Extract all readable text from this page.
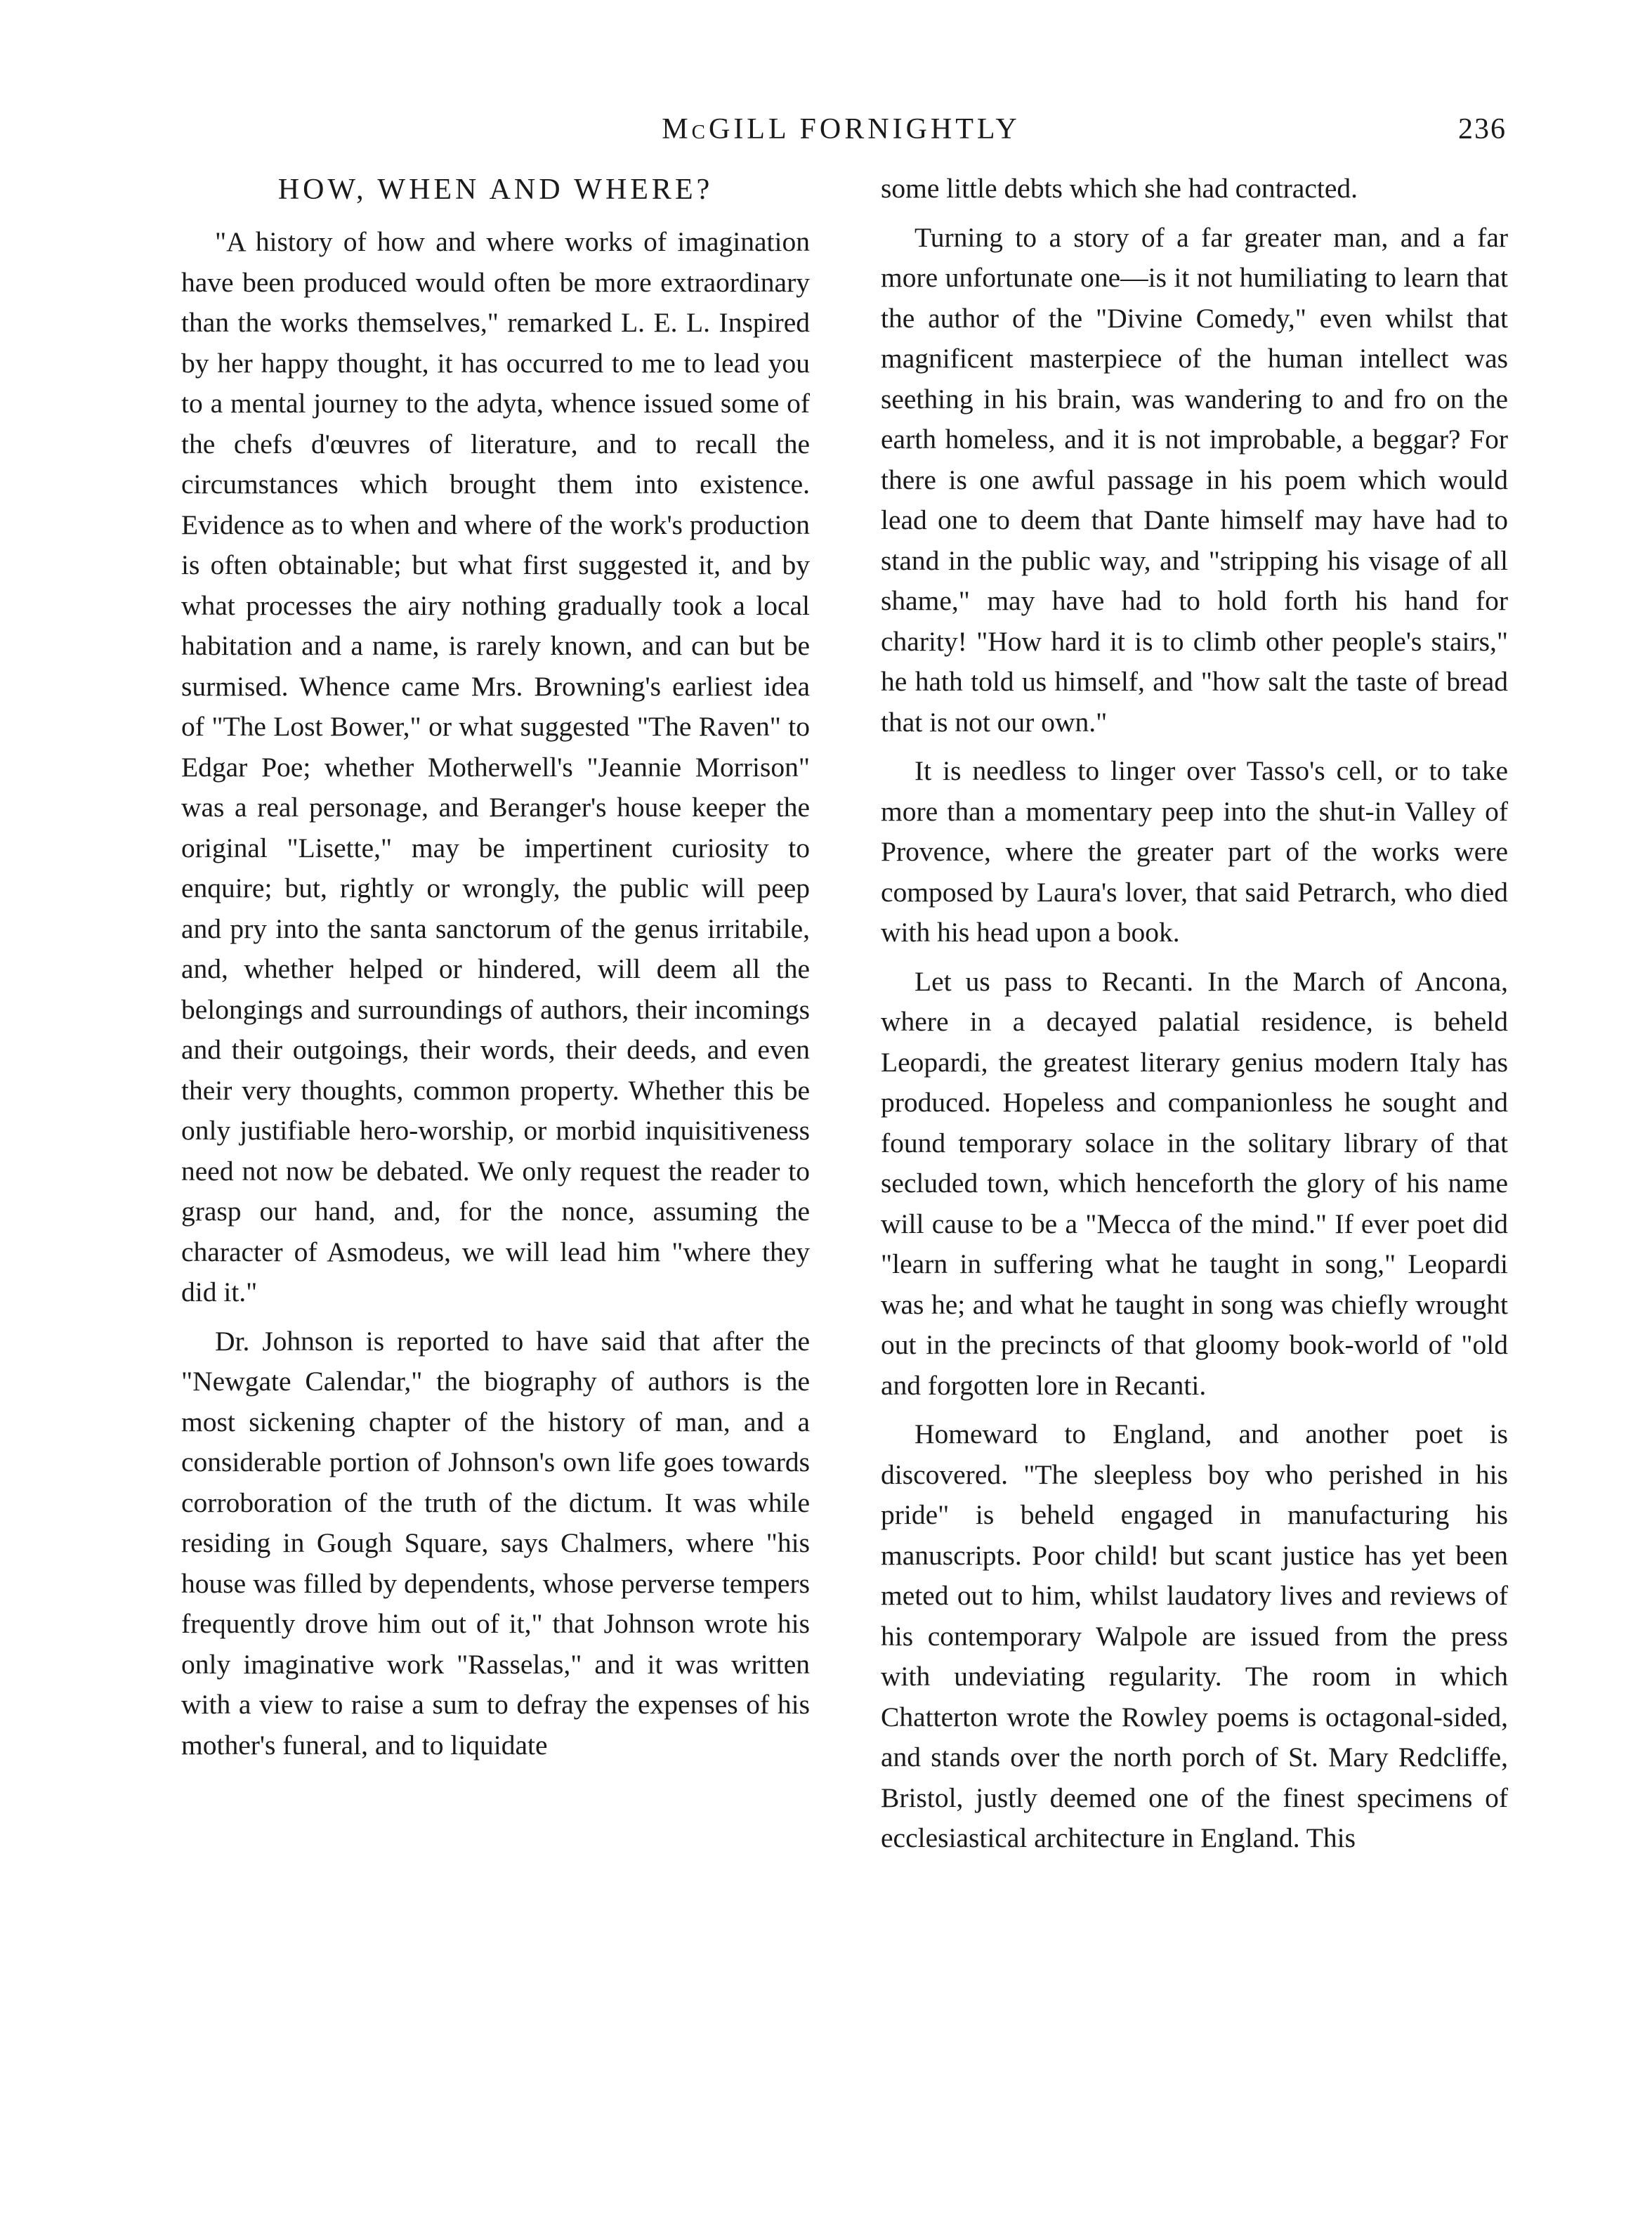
McGILL FORNIGHTLY	236
HOW, WHEN AND WHERE?

"A history of how and where works of imagination have been produced would often be more extraordinary than the works themselves," remarked L. E. L. Inspired by her happy thought, it has occurred to me to lead you to a mental journey to the adyta, whence issued some of the chefs d'œuvres of literature, and to recall the circumstances which brought them into existence. Evidence as to when and where of the work's production is often obtainable; but what first suggested it, and by what processes the airy nothing gradually took a local habitation and a name, is rarely known, and can but be surmised. Whence came Mrs. Browning's earliest idea of "The Lost Bower," or what suggested "The Raven" to Edgar Poe; whether Motherwell's "Jeannie Morrison" was a real personage, and Beranger's house keeper the original "Lisette," may be impertinent curiosity to enquire; but, rightly or wrongly, the public will peep and pry into the santa sanctorum of the genus irritabile, and, whether helped or hindered, will deem all the belongings and surroundings of authors, their incomings and their outgoings, their words, their deeds, and even their very thoughts, common property. Whether this be only justifiable hero-worship, or morbid inquisitiveness need not now be debated. We only request the reader to grasp our hand, and, for the nonce, assuming the character of Asmodeus, we will lead him "where they did it."

Dr. Johnson is reported to have said that after the "Newgate Calendar," the biography of authors is the most sickening chapter of the history of man, and a considerable portion of Johnson's own life goes towards corroboration of the truth of the dictum. It was while residing in Gough Square, says Chalmers, where "his house was filled by dependents, whose perverse tempers frequently drove him out of it," that Johnson wrote his only imaginative work "Rasselas," and it was written with a view to raise a sum to defray the expenses of his mother's funeral, and to liquidate

some little debts which she had contracted.

Turning to a story of a far greater man, and a far more unfortunate one—is it not humiliating to learn that the author of the "Divine Comedy," even whilst that magnificent masterpiece of the human intellect was seething in his brain, was wandering to and fro on the earth homeless, and it is not improbable, a beggar? For there is one awful passage in his poem which would lead one to deem that Dante himself may have had to stand in the public way, and "stripping his visage of all shame," may have had to hold forth his hand for charity! "How hard it is to climb other people's stairs," he hath told us himself, and "how salt the taste of bread that is not our own."

It is needless to linger over Tasso's cell, or to take more than a momentary peep into the shut-in Valley of Provence, where the greater part of the works were composed by Laura's lover, that said Petrarch, who died with his head upon a book.

Let us pass to Recanti. In the March of Ancona, where in a decayed palatial residence, is beheld Leopardi, the greatest literary genius modern Italy has produced. Hopeless and companionless he sought and found temporary solace in the solitary library of that secluded town, which henceforth the glory of his name will cause to be a "Mecca of the mind." If ever poet did "learn in suffering what he taught in song," Leopardi was he; and what he taught in song was chiefly wrought out in the precincts of that gloomy book-world of "old and forgotten lore in Recanti.

Homeward to England, and another poet is discovered. "The sleepless boy who perished in his pride" is beheld engaged in manufacturing his manuscripts. Poor child! but scant justice has yet been meted out to him, whilst laudatory lives and reviews of his contemporary Walpole are issued from the press with undeviating regularity. The room in which Chatterton wrote the Rowley poems is octagonal-sided, and stands over the north porch of St. Mary Redcliffe, Bristol, justly deemed one of the finest specimens of ecclesiastical architecture in England. This
